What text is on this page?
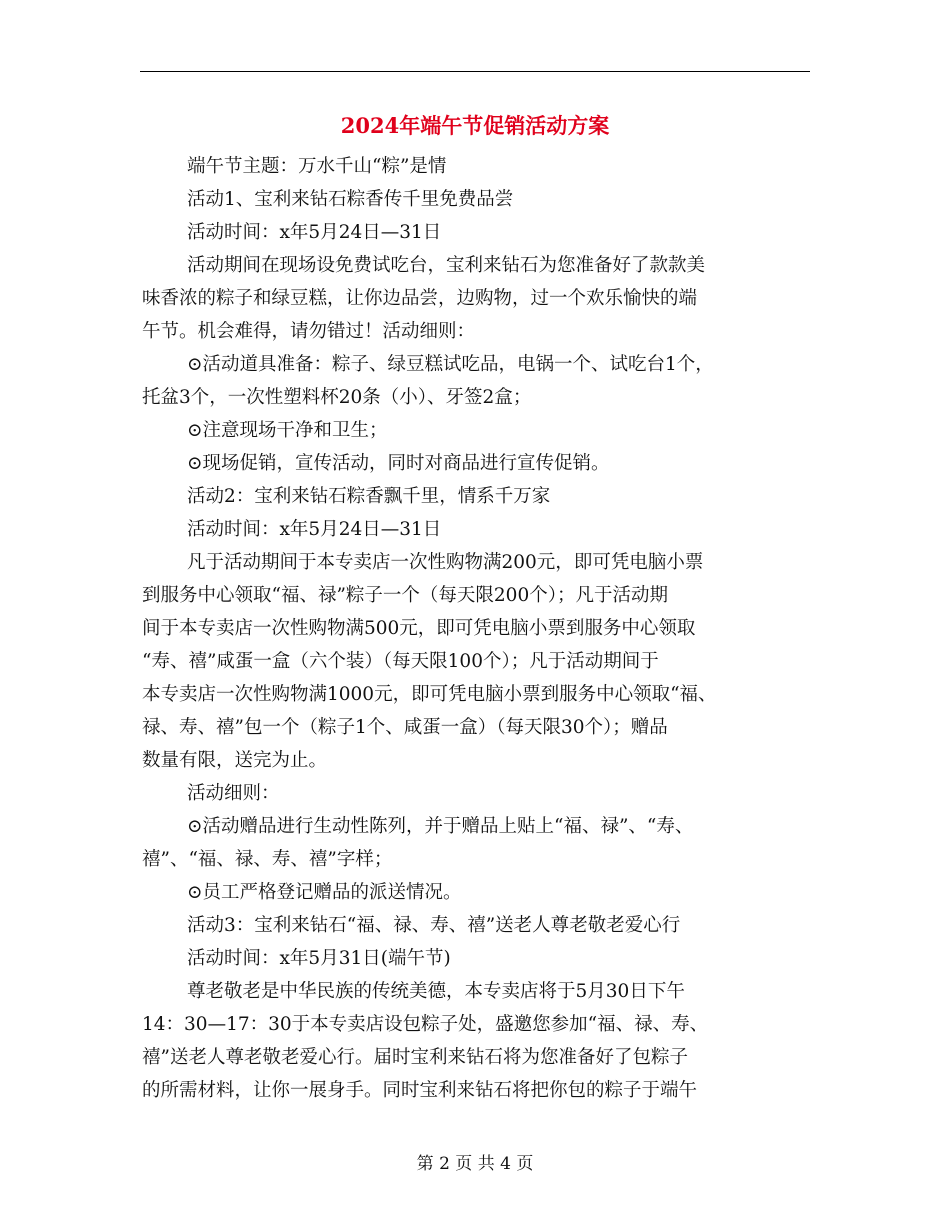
2024年端午节促销活动方案

端午节主题：万水千山“粽”是情

活动1、宝利来钻石粽香传千里免费品尝

活动时间：x年5月24日—31日

活动期间在现场设免费试吃台，宝利来钻石为您准备好了款款美

味香浓的粽子和绿豆糕，让你边品尝，边购物，过一个欢乐愉快的端

午节。机会难得，请勿错过！活动细则：

⊙活动道具准备：粽子、绿豆糕试吃品，电锅一个、试吃台1个，

托盆3个，一次性塑料杯20条（小）、牙签2盒；

⊙注意现场干净和卫生；

⊙现场促销，宣传活动，同时对商品进行宣传促销。

活动2：宝利来钻石粽香飘千里，情系千万家

活动时间：x年5月24日—31日

凡于活动期间于本专卖店一次性购物满200元，即可凭电脑小票

到服务中心领取“福、禄”粽子一个（每天限200个）；凡于活动期

间于本专卖店一次性购物满500元，即可凭电脑小票到服务中心领取

“寿、禧”咸蛋一盒（六个装）（每天限100个）；凡于活动期间于

本专卖店一次性购物满1000元，即可凭电脑小票到服务中心领取“福、

禄、寿、禧”包一个（粽子1个、咸蛋一盒）（每天限30个）；赠品

数量有限，送完为止。

活动细则：

⊙活动赠品进行生动性陈列，并于赠品上贴上“福、禄”、“寿、

禧”、“福、禄、寿、禧”字样；

⊙员工严格登记赠品的派送情况。

活动3：宝利来钻石“福、禄、寿、禧”送老人尊老敬老爱心行

活动时间：x年5月31日(端午节)

尊老敬老是中华民族的传统美德，本专卖店将于5月30日下午

14：30—17：30于本专卖店设包粽子处，盛邀您参加“福、禄、寿、

禧”送老人尊老敬老爱心行。届时宝利来钻石将为您准备好了包粽子

的所需材料，让你一展身手。同时宝利来钻石将把你包的粽子于端午

第 2 页 共 4 页
